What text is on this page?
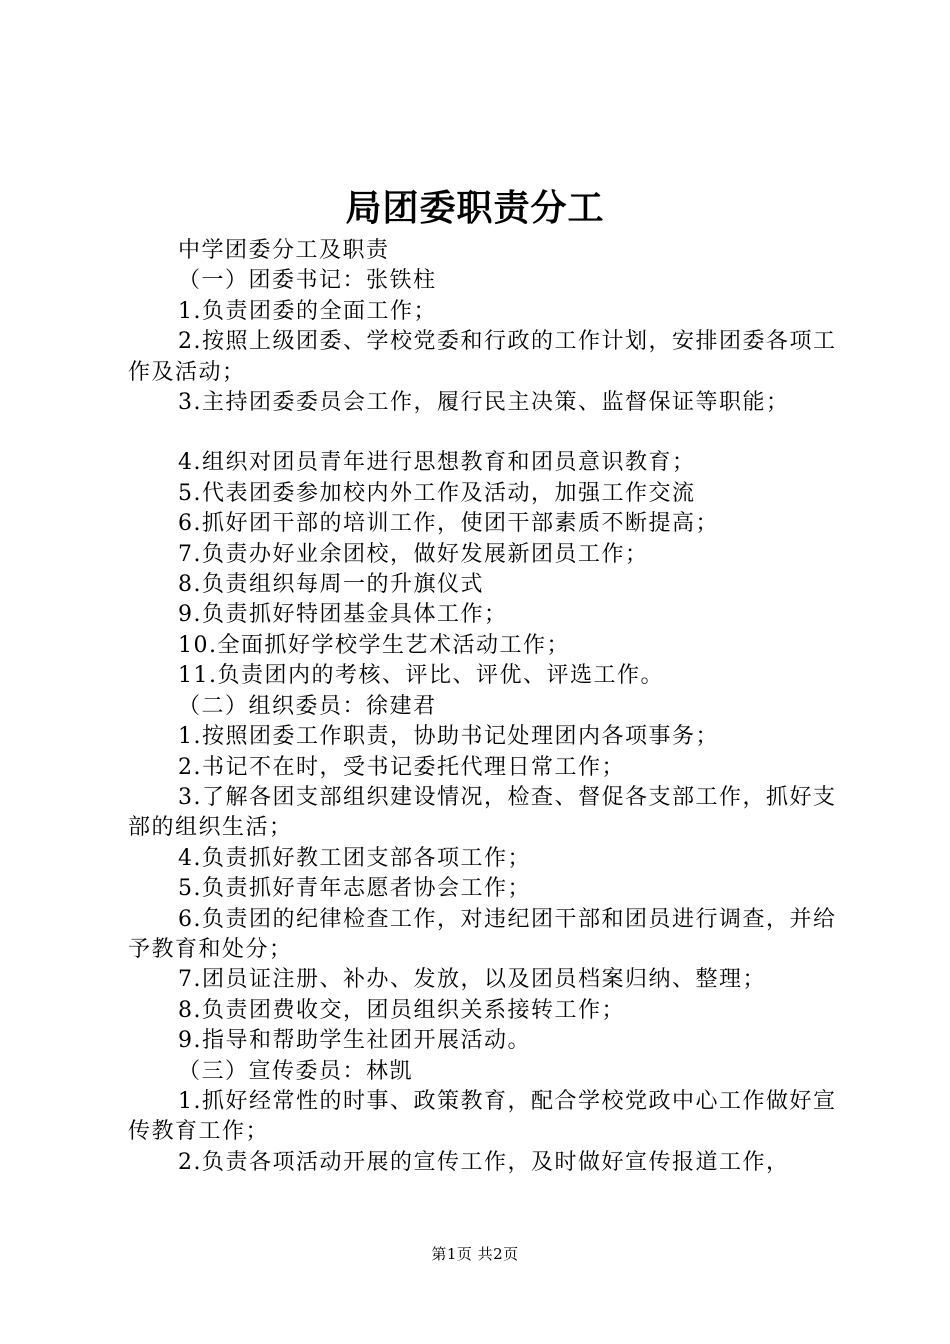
局团委职责分工
中学团委分工及职责
（一）团委书记：张铁柱
1.负责团委的全面工作；
2.按照上级团委、学校党委和行政的工作计划，安排团委各项工作及活动；
3.主持团委委员会工作，履行民主决策、监督保证等职能；
4.组织对团员青年进行思想教育和团员意识教育；
5.代表团委参加校内外工作及活动，加强工作交流
6.抓好团干部的培训工作，使团干部素质不断提高；
7.负责办好业余团校，做好发展新团员工作；
8.负责组织每周一的升旗仪式
9.负责抓好特团基金具体工作；
10.全面抓好学校学生艺术活动工作；
11.负责团内的考核、评比、评优、评选工作。
（二）组织委员：徐建君
1.按照团委工作职责，协助书记处理团内各项事务；
2.书记不在时，受书记委托代理日常工作；
3.了解各团支部组织建设情况，检查、督促各支部工作，抓好支部的组织生活；
4.负责抓好教工团支部各项工作；
5.负责抓好青年志愿者协会工作；
6.负责团的纪律检查工作，对违纪团干部和团员进行调查，并给予教育和处分；
7.团员证注册、补办、发放，以及团员档案归纳、整理；
8.负责团费收交，团员组织关系接转工作；
9.指导和帮助学生社团开展活动。
（三）宣传委员：林凯
1.抓好经常性的时事、政策教育，配合学校党政中心工作做好宣传教育工作；
2.负责各项活动开展的宣传工作，及时做好宣传报道工作，
第1页 共2页
